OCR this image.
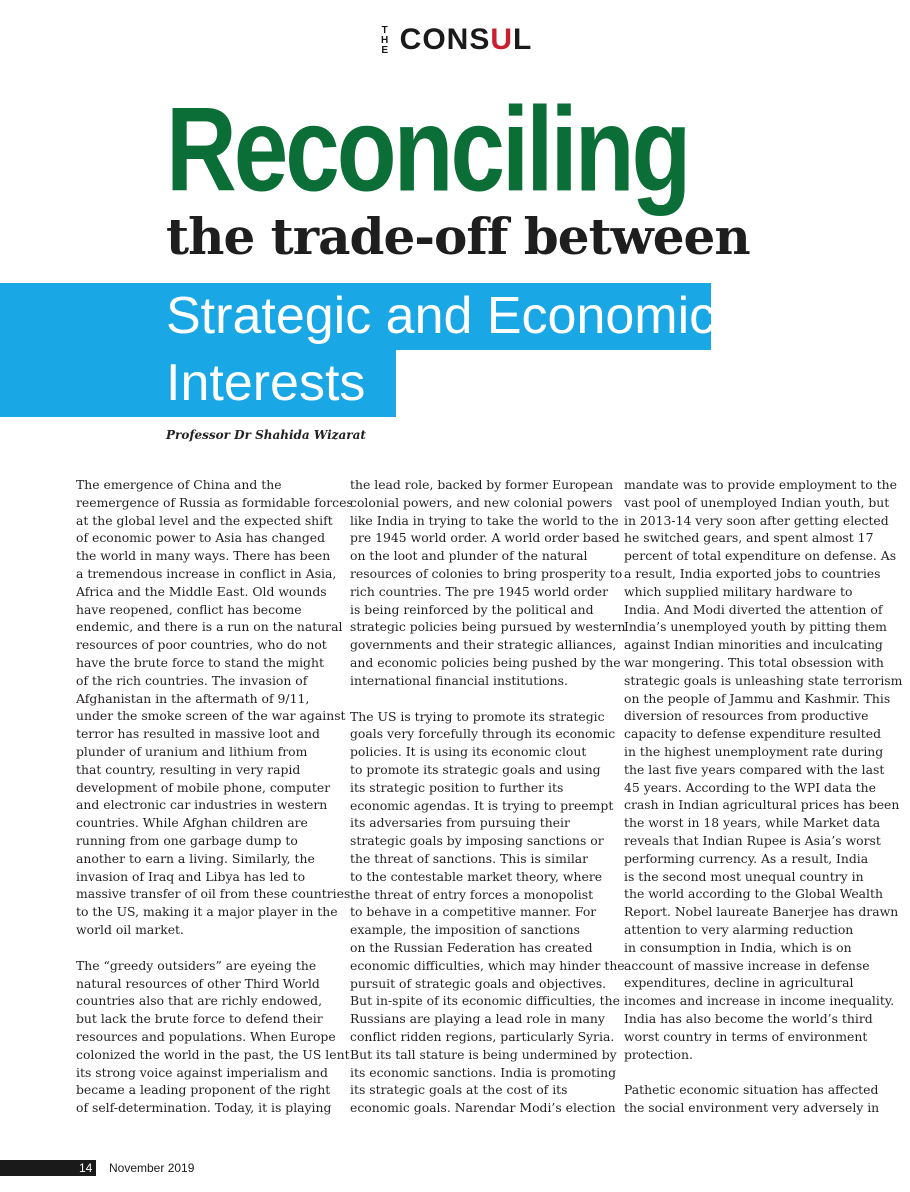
T
H
E CONSUL
Reconciling
the trade-off between
Strategic and Economic
Interests
Professor Dr Shahida Wizarat

The emergence of China and the
reemergence of Russia as formidable forces
at the global level and the expected shift
of economic power to Asia has changed
the world in many ways. There has been
a tremendous increase in conflict in Asia,
Africa and the Middle East. Old wounds
have reopened, conflict has become
endemic, and there is a run on the natural
resources of poor countries, who do not
have the brute force to stand the might
of the rich countries. The invasion of
Afghanistan in the aftermath of 9/11,
under the smoke screen of the war against
terror has resulted in massive loot and
plunder of uranium and lithium from
that country, resulting in very rapid
development of mobile phone, computer
and electronic car industries in western
countries. While Afghan children are
running from one garbage dump to
another to earn a living. Similarly, the
invasion of Iraq and Libya has led to
massive transfer of oil from these countries
to the US, making it a major player in the
world oil market.

The “greedy outsiders” are eyeing the
natural resources of other Third World
countries also that are richly endowed,
but lack the brute force to defend their
resources and populations. When Europe
colonized the world in the past, the US lent
its strong voice against imperialism and
became a leading proponent of the right
of self-determination. Today, it is playing

the lead role, backed by former European
colonial powers, and new colonial powers
like India in trying to take the world to the
pre 1945 world order. A world order based
on the loot and plunder of the natural
resources of colonies to bring prosperity to
rich countries. The pre 1945 world order
is being reinforced by the political and
strategic policies being pursued by western
governments and their strategic alliances,
and economic policies being pushed by the
international financial institutions.

The US is trying to promote its strategic
goals very forcefully through its economic
policies. It is using its economic clout
to promote its strategic goals and using
its strategic position to further its
economic agendas. It is trying to preempt
its adversaries from pursuing their
strategic goals by imposing sanctions or
the threat of sanctions. This is similar
to the contestable market theory, where
the threat of entry forces a monopolist
to behave in a competitive manner. For
example, the imposition of sanctions
on the Russian Federation has created
economic difficulties, which may hinder the
pursuit of strategic goals and objectives.
But in-spite of its economic difficulties, the
Russians are playing a lead role in many
conflict ridden regions, particularly Syria.
But its tall stature is being undermined by
its economic sanctions. India is promoting
its strategic goals at the cost of its
economic goals. Narendar Modi’s election

mandate was to provide employment to the
vast pool of unemployed Indian youth, but
in 2013-14 very soon after getting elected
he switched gears, and spent almost 17
percent of total expenditure on defense. As
a result, India exported jobs to countries
which supplied military hardware to
India. And Modi diverted the attention of
India’s unemployed youth by pitting them
against Indian minorities and inculcating
war mongering. This total obsession with
strategic goals is unleashing state terrorism
on the people of Jammu and Kashmir. This
diversion of resources from productive
capacity to defense expenditure resulted
in the highest unemployment rate during
the last five years compared with the last
45 years. According to the WPI data the
crash in Indian agricultural prices has been
the worst in 18 years, while Market data
reveals that Indian Rupee is Asia’s worst
performing currency. As a result, India
is the second most unequal country in
the world according to the Global Wealth
Report. Nobel laureate Banerjee has drawn
attention to very alarming reduction
in consumption in India, which is on
account of massive increase in defense
expenditures, decline in agricultural
incomes and increase in income inequality.
India has also become the world’s third
worst country in terms of environment
protection.

Pathetic economic situation has affected
the social environment very adversely in

14 November 2019
